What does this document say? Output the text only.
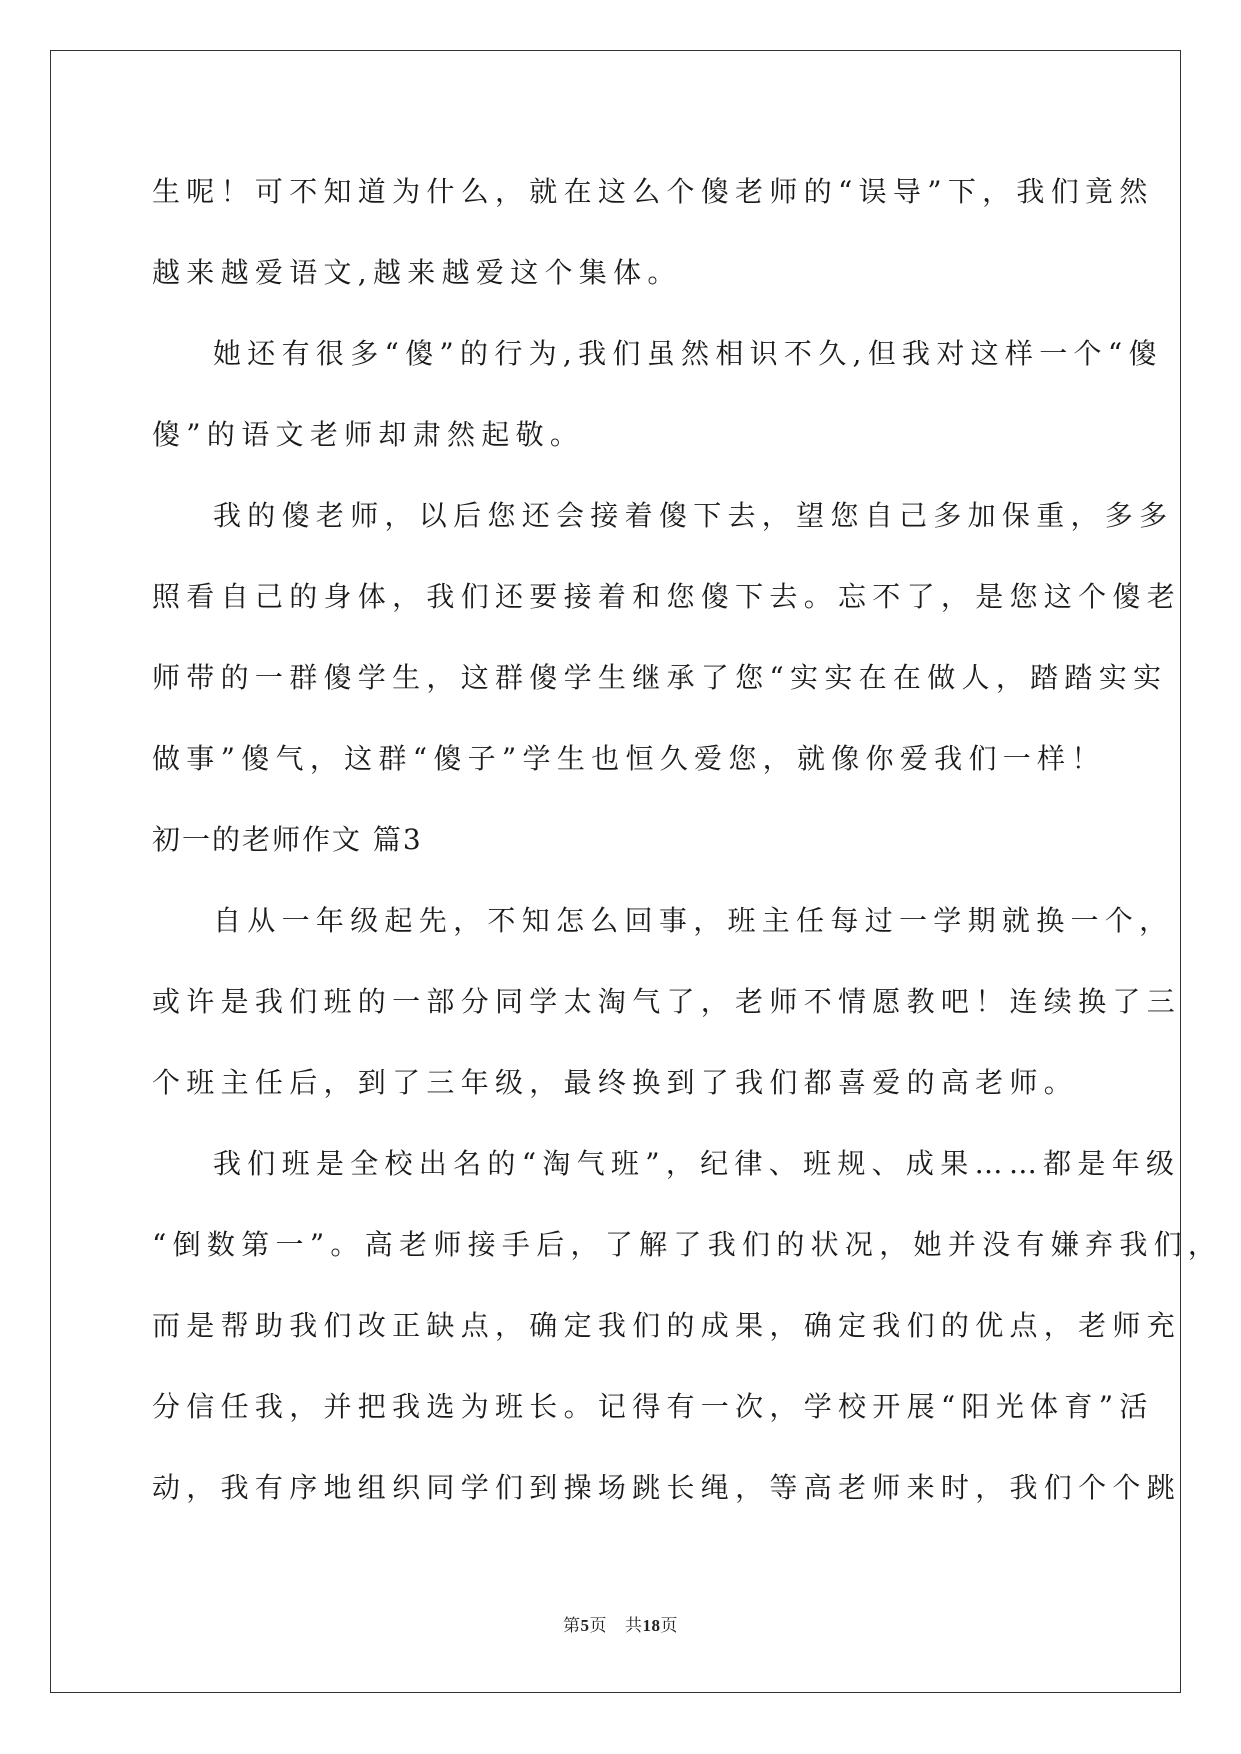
生呢！可不知道为什么，就在这么个傻老师的“误导”下，我们竟然
越来越爱语文,越来越爱这个集体。
她还有很多“傻”的行为,我们虽然相识不久,但我对这样一个“傻
傻”的语文老师却肃然起敬。
我的傻老师，以后您还会接着傻下去，望您自己多加保重，多多
照看自己的身体，我们还要接着和您傻下去。忘不了，是您这个傻老
师带的一群傻学生，这群傻学生继承了您“实实在在做人，踏踏实实
做事”傻气，这群“傻子”学生也恒久爱您，就像你爱我们一样！
初一的老师作文 篇3
自从一年级起先，不知怎么回事，班主任每过一学期就换一个，
或许是我们班的一部分同学太淘气了，老师不情愿教吧！连续换了三
个班主任后，到了三年级，最终换到了我们都喜爱的高老师。
我们班是全校出名的“淘气班”，纪律、班规、成果……都是年级
“倒数第一”。高老师接手后，了解了我们的状况，她并没有嫌弃我们，
而是帮助我们改正缺点，确定我们的成果，确定我们的优点，老师充
分信任我，并把我选为班长。记得有一次，学校开展“阳光体育”活
动，我有序地组织同学们到操场跳长绳，等高老师来时，我们个个跳
第5页 共18页
